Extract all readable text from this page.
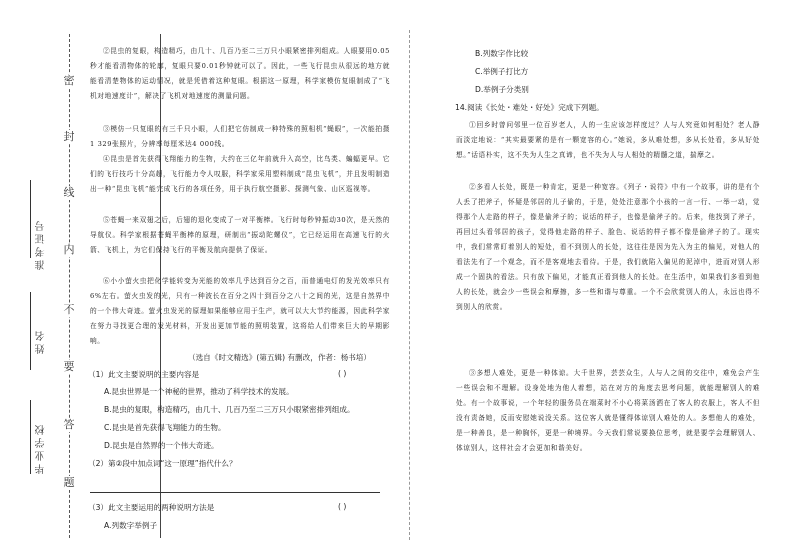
密
封
线
内
不
要
答
题
准考证号
姓名
毕业学校
②昆虫的复眼，构造精巧，由几十、几百乃至二三万只小眼紧密排列组成。人眼要用0.05秒才能看清物体的轮廓，复眼只要0.01秒钟就可以了。因此，一些飞行昆虫从很远的地方就能看清楚物体的运动情况，就是凭借着这种复眼。根据这一原理，科学家模仿复眼制成了“飞机对地速度计”，解决了飞机对地速度的测量问题。
③模仿一只复眼的有三千只小眼，人们把它仿制成一种特殊的照相机“蝇眼”，一次能拍摄1 329张照片，分辨率每厘米达4 000线。
④昆虫是首先获得飞翔能力的生物，大约在三亿年前就升入高空，比鸟类、蝙蝠更早。它们的飞行技巧十分高超，飞行能力令人叹服，科学家采用塑料制成“昆虫飞机”，并且发明制造出一种“昆虫飞机”能完成飞行的各项任务，用于执行航空摄影、探测气象、山区巡视等。
⑤苍蝇一来双翅之后，后翅的退化变成了一对平衡棒。飞行时每秒钟振动30次，是天然的导航仪。科学家根据苍蝇平衡棒的原理，研制出“振动陀螺仪”，它已经运用在高速飞行的火箭、飞机上，为它们保持飞行的平衡及航向提供了保证。
⑥小小萤火虫把化学能转变为光能的效率几乎达到百分之百，而普通电灯的发光效率只有6%左右。萤火虫发的光，只有一种波长在百分之四十到百分之八十之间的光，这是自然界中的一个伟大奇迹。萤火虫发光的原理如果能够应用于生产，就可以大大节约能源，因此科学家在努力寻找更合理的发光材料，开发出更加节能的照明装置，这将给人们带来巨大的早期影响。
（选自《时文精选》(第五辑) 有删改，作者：杨书培）
（1）此文主要说明的主要内容是	( )
A.昆虫世界是一个神秘的世界，推动了科学技术的发展。
B.昆虫的复眼，构造精巧，由几十、几百乃至二三万只小眼紧密排列组成。
C.昆虫是首先获得飞翔能力的生物。
D.昆虫是自然界的一个伟大奇迹。
（2）第②段中加点词“这一原理”指代什么？
（3）此文主要运用的两种说明方法是	( )
A.列数字举例子
B.列数字作比较
C.举例子打比方
D.举例子分类别
14.阅读《长处・难处・好处》完成下列题。
①回乡时曾问邻里一位百岁老人，人的一生应该怎样度过？人与人究竟如何相处？老人静而淡定地说：“其实最要紧的是有一颗宽容的心。”她说，多从难处想，多从长处看，多从好处想。”话语朴实，这不失为人生之真谛，也不失为人与人相处的精髓之道，揣摩之。
②多看人长处，既是一种肯定，更是一种宽容。《列子・说符》中有一个故事，讲的是有个人丢了把斧子，怀疑是邻居的儿子偷的，于是，处处注意那个小孩的一言一行、一举一动，觉得那个人走路的样子，像是偷斧子的；说话的样子，也像是偷斧子的。后来，他找到了斧子，再回过头看邻居的孩子，觉得他走路的样子、脸色、说话的样子都不像是偷斧子的了。现实中，我们常常盯着别人的短处，看不到别人的长处，这往往是因为先入为主的偏见，对他人的看法先有了一个观念，而不是客观地去看待。于是，我们就陷入偏见的泥淖中，进而对别人形成一个固执的看法。只有放下偏见，才能真正看到他人的长处。在生活中，如果我们多看到他人的长处，就会少一些误会和摩擦，多一些和谐与尊重。一个不会欣赏别人的人，永远也得不到别人的欣赏。
③多想人难处，更是一种体谅。大千世界，芸芸众生，人与人之间的交往中，难免会产生一些误会和不理解。设身处地为他人着想，站在对方的角度去思考问题，就能理解别人的难处。有一个故事说，一个年轻的服务员在端菜时不小心将菜汤洒在了客人的衣服上，客人不但没有责备她，反而安慰她说没关系。这位客人就是懂得体谅别人难处的人。多想他人的难处，是一种善良，是一种胸怀，更是一种境界。今天我们常说要换位思考，就是要学会理解别人、体谅别人，这样社会才会更加和谐美好。
